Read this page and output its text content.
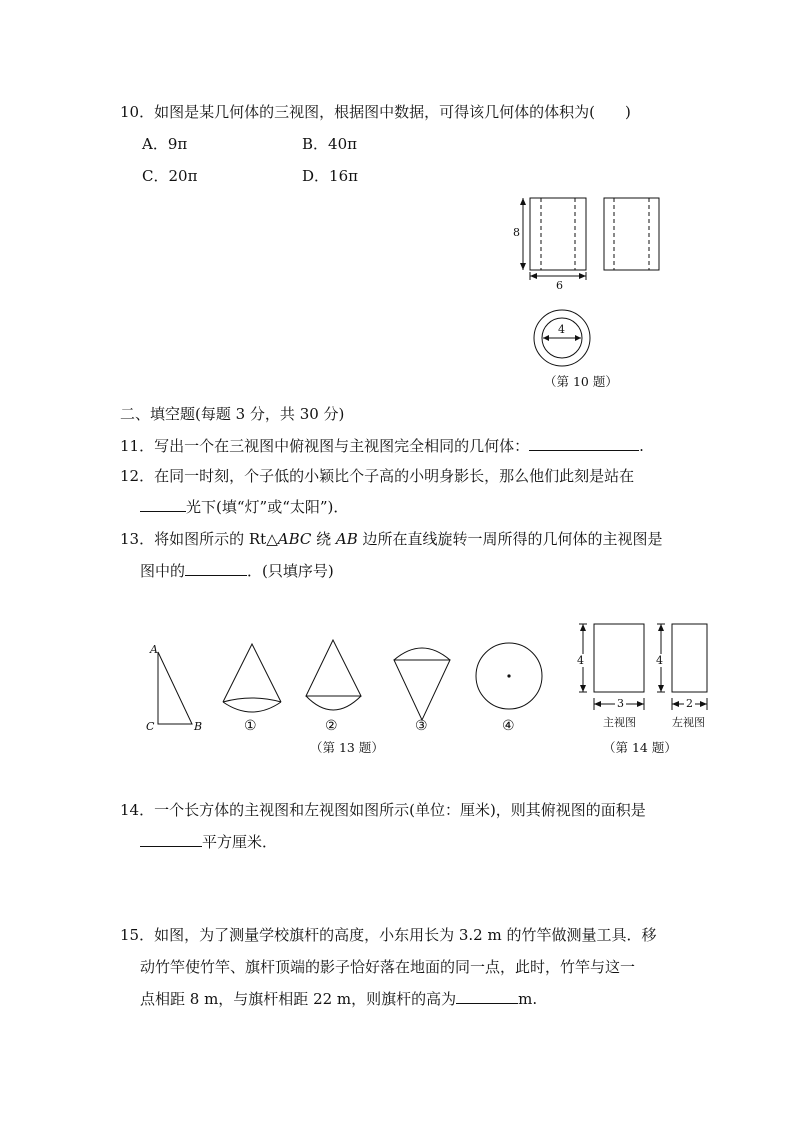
10．如图是某几何体的三视图，根据图中数据，可得该几何体的体积为(　　)
A．9π	B．40π
C．20π	D．16π
8
6
4
（第 10 题）
二、填空题(每题 3 分，共 30 分)
11．写出一个在三视图中俯视图与主视图完全相同的几何体：	.
12．在同一时刻，个子低的小颖比个子高的小明身影长，那么他们此刻是站在
光下(填“灯”或“太阳”)．
13．将如图所示的 Rt△ABC 绕 AB 边所在直线旋转一周所得的几何体的主视图是
图中的	．(只填序号)
A
C	B	①	②	③	④
（第 13 题）
4	4
3	2
主视图	左视图
（第 14 题）
14．一个长方体的主视图和左视图如图所示(单位：厘米)，则其俯视图的面积是
平方厘米．
15．如图，为了测量学校旗杆的高度，小东用长为 3.2 m 的竹竿做测量工具．移
动竹竿使竹竿、旗杆顶端的影子恰好落在地面的同一点，此时，竹竿与这一
点相距 8 m，与旗杆相距 22 m，则旗杆的高为	m.
